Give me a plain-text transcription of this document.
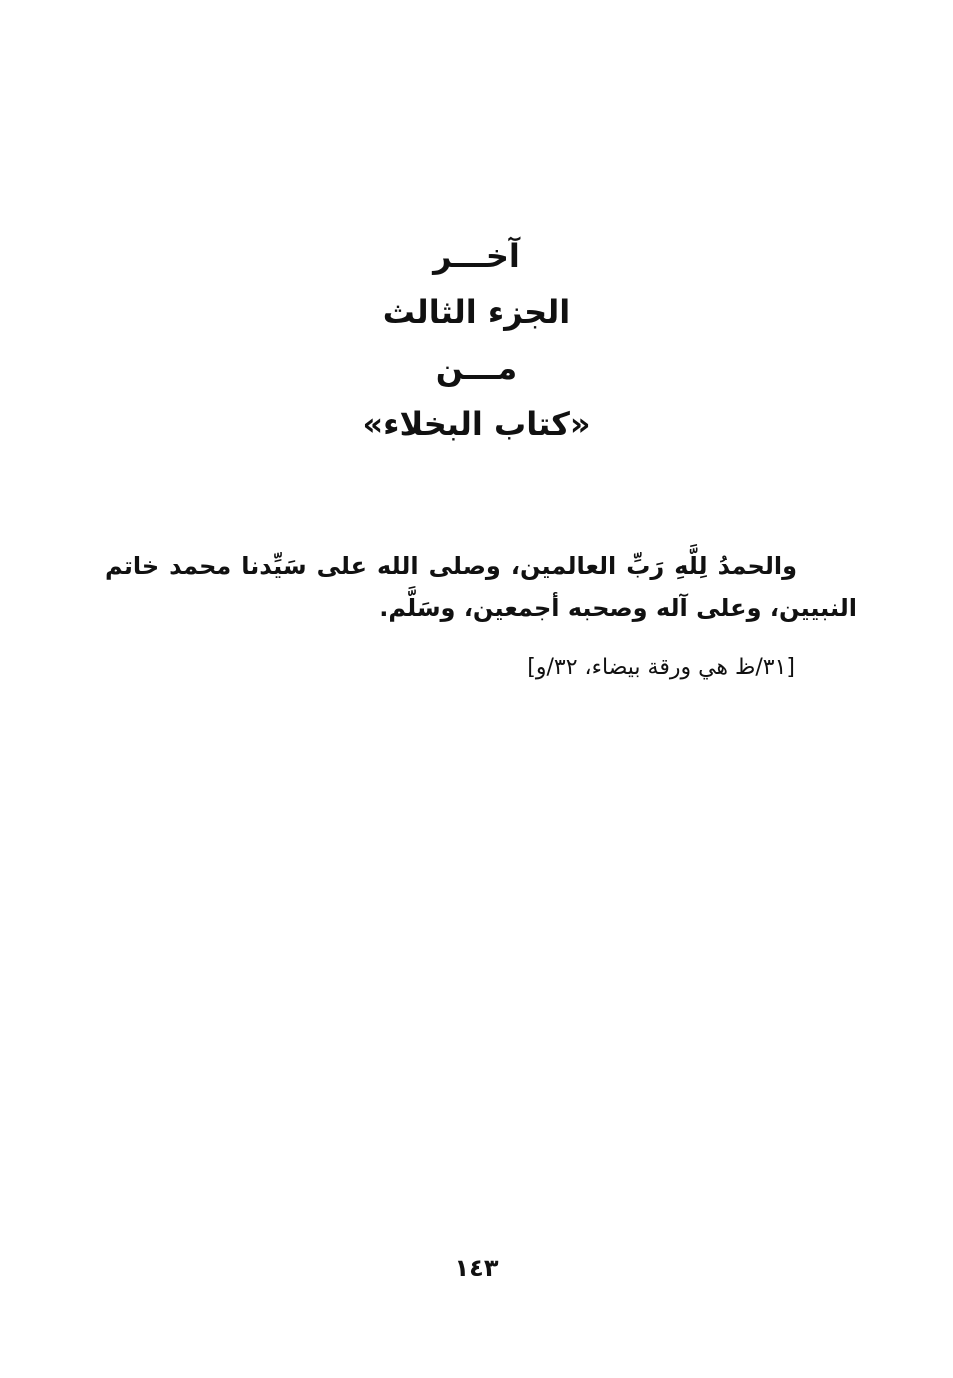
آخـــر
الجزء الثالث
مـــن
«كتاب البخلاء»

والحمدُ لِلَّهِ رَبِّ العالمين، وصلى الله على سَيِّدنا محمد خاتم النبيين، وعلى آله وصحبه أجمعين، وسَلَّم.

[٣١/ظ هي ورقة بيضاء، ٣٢/و]
١٤٣
